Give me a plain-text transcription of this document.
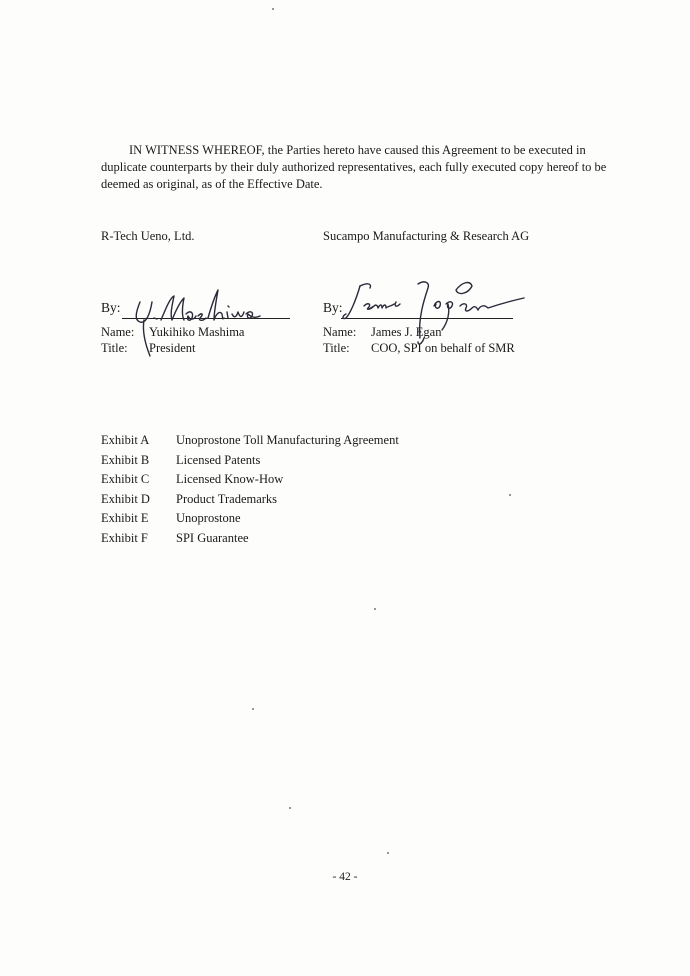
IN WITNESS WHEREOF, the Parties hereto have caused this Agreement to be executed in duplicate counterparts by their duly authorized representatives, each fully executed copy hereof to be deemed as original, as of the Effective Date.

R-Tech Ueno, Ltd.	Sucampo Manufacturing & Research AG
By:
Name: Yukihiko Mashima
Title: President
By:
Name: James J. Egan
Title: COO, SPI on behalf of SMR
Exhibit A Unoprostone Toll Manufacturing Agreement
Exhibit B Licensed Patents
Exhibit C Licensed Know-How
Exhibit D Product Trademarks
Exhibit E Unoprostone
Exhibit F SPI Guarantee
- 42 -
